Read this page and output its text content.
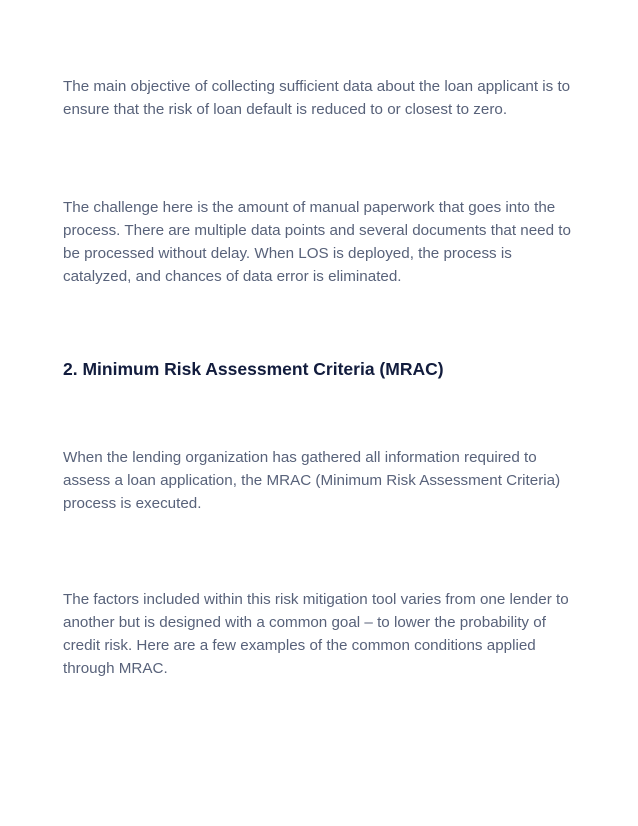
The main objective of collecting sufficient data about the loan applicant is to ensure that the risk of loan default is reduced to or closest to zero.

The challenge here is the amount of manual paperwork that goes into the process. There are multiple data points and several documents that need to be processed without delay. When LOS is deployed, the process is catalyzed, and chances of data error is eliminated.

2. Minimum Risk Assessment Criteria (MRAC)

When the lending organization has gathered all information required to assess a loan application, the MRAC (Minimum Risk Assessment Criteria) process is executed.

The factors included within this risk mitigation tool varies from one lender to another but is designed with a common goal – to lower the probability of credit risk. Here are a few examples of the common conditions applied through MRAC.
